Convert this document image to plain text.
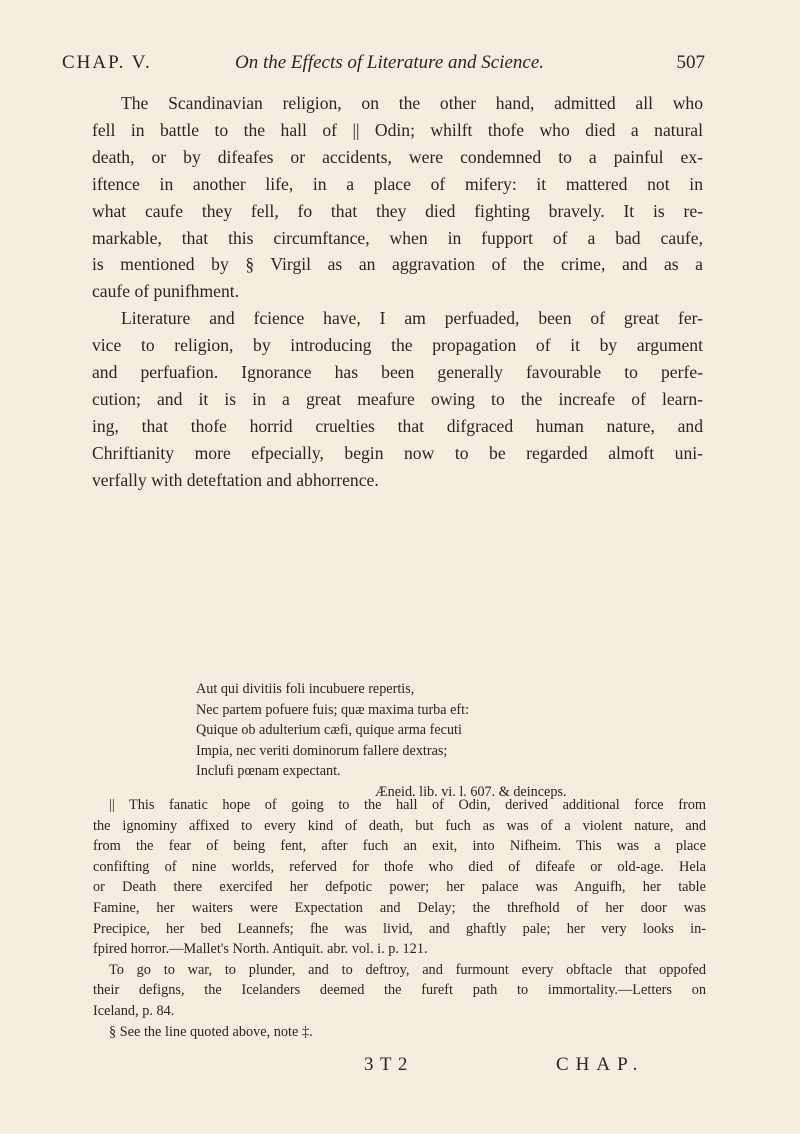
CHAP. V.	On the Effects of Literature and Science.	507

The Scandinavian religion, on the other hand, admitted all who
fell in battle to the hall of || Odin; whilft thofe who died a natural
death, or by difeafes or accidents, were condemned to a painful ex-
iftence in another life, in a place of mifery: it mattered not in
what caufe they fell, fo that they died fighting bravely. It is re-
markable, that this circumftance, when in fupport of a bad caufe,
is mentioned by § Virgil as an aggravation of the crime, and as a
caufe of punifhment.

Literature and fcience have, I am perfuaded, been of great fer-
vice to religion, by introducing the propagation of it by argument
and perfuafion. Ignorance has been generally favourable to perfe-
cution; and it is in a great meafure owing to the increafe of learn-
ing, that thofe horrid cruelties that difgraced human nature, and
Chriftianity more efpecially, begin now to be regarded almoft uni-
verfally with deteftation and abhorrence.

Aut qui divitiis foli incubuere repertis,
Nec partem pofuere fuis; quæ maxima turba eft:
Quique ob adulterium cæfi, quique arma fecuti
Impia, nec veriti dominorum fallere dextras;
Inclufi pœnam expectant.
Æneid. lib. vi. l. 607. & deinceps.
|| This fanatic hope of going to the hall of Odin, derived additional force from
the ignominy affixed to every kind of death, but fuch as was of a violent nature, and
from the fear of being fent, after fuch an exit, into Nifheim. This was a place
confifting of nine worlds, referved for thofe who died of difeafe or old-age. Hela
or Death there exercifed her defpotic power; her palace was Anguifh, her table
Famine, her waiters were Expectation and Delay; the threfhold of her door was
Precipice, her bed Leannefs; fhe was livid, and ghaftly pale; her very looks in-
fpired horror.—Mallet's North. Antiquit. abr. vol. i. p. 121.
To go to war, to plunder, and to deftroy, and furmount every obftacle that oppofed
their defigns, the Icelanders deemed the fureft path to immortality.—Letters on
Iceland, p. 84.
§ See the line quoted above, note ‡.
3 T 2	CHAP.
